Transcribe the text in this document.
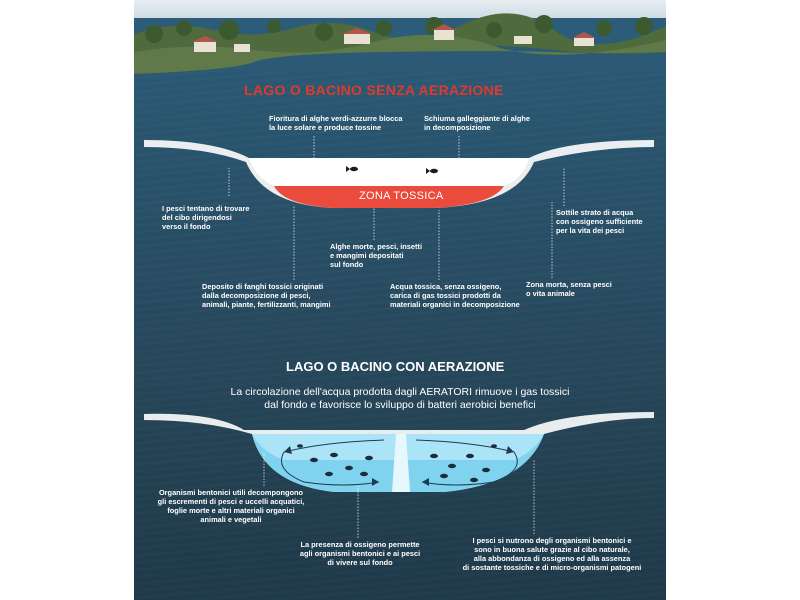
LAGO O BACINO SENZA AERAZIONE
ZONA TOSSICA
Fioritura di alghe verdi-azzurre blocca
la luce solare e produce tossine
Schiuma galleggiante di alghe
in decomposizione
I pesci tentano di trovare
del cibo dirigendosi
verso il fondo
Sottile strato di acqua
con ossigeno sufficiente
per la vita dei pesci
Alghe morte, pesci, insetti
e mangimi depositati
sul fondo
Deposito di fanghi tossici originati
dalla decomposizione di pesci,
animali, piante, fertilizzanti, mangimi
Acqua tossica, senza ossigeno,
carica di gas tossici prodotti da
materiali organici in decomposizione
Zona morta, senza pesci
o vita animale
LAGO O BACINO CON AERAZIONE
La circolazione dell'acqua prodotta dagli AERATORI rimuove i gas tossici
dal fondo e favorisce lo sviluppo di batteri aerobici benefici
Organismi bentonici utili decompongono
gli escrementi di pesci e uccelli acquatici,
foglie morte e altri materiali organici
animali e vegetali
La presenza di ossigeno permette
agli organismi bentonici e ai pesci
di vivere sul fondo
I pesci si nutrono degli organismi bentonici e
sono in buona salute grazie al cibo naturale,
alla abbondanza di ossigeno ed alla assenza
di sostante tossiche e di micro-organismi patogeni
